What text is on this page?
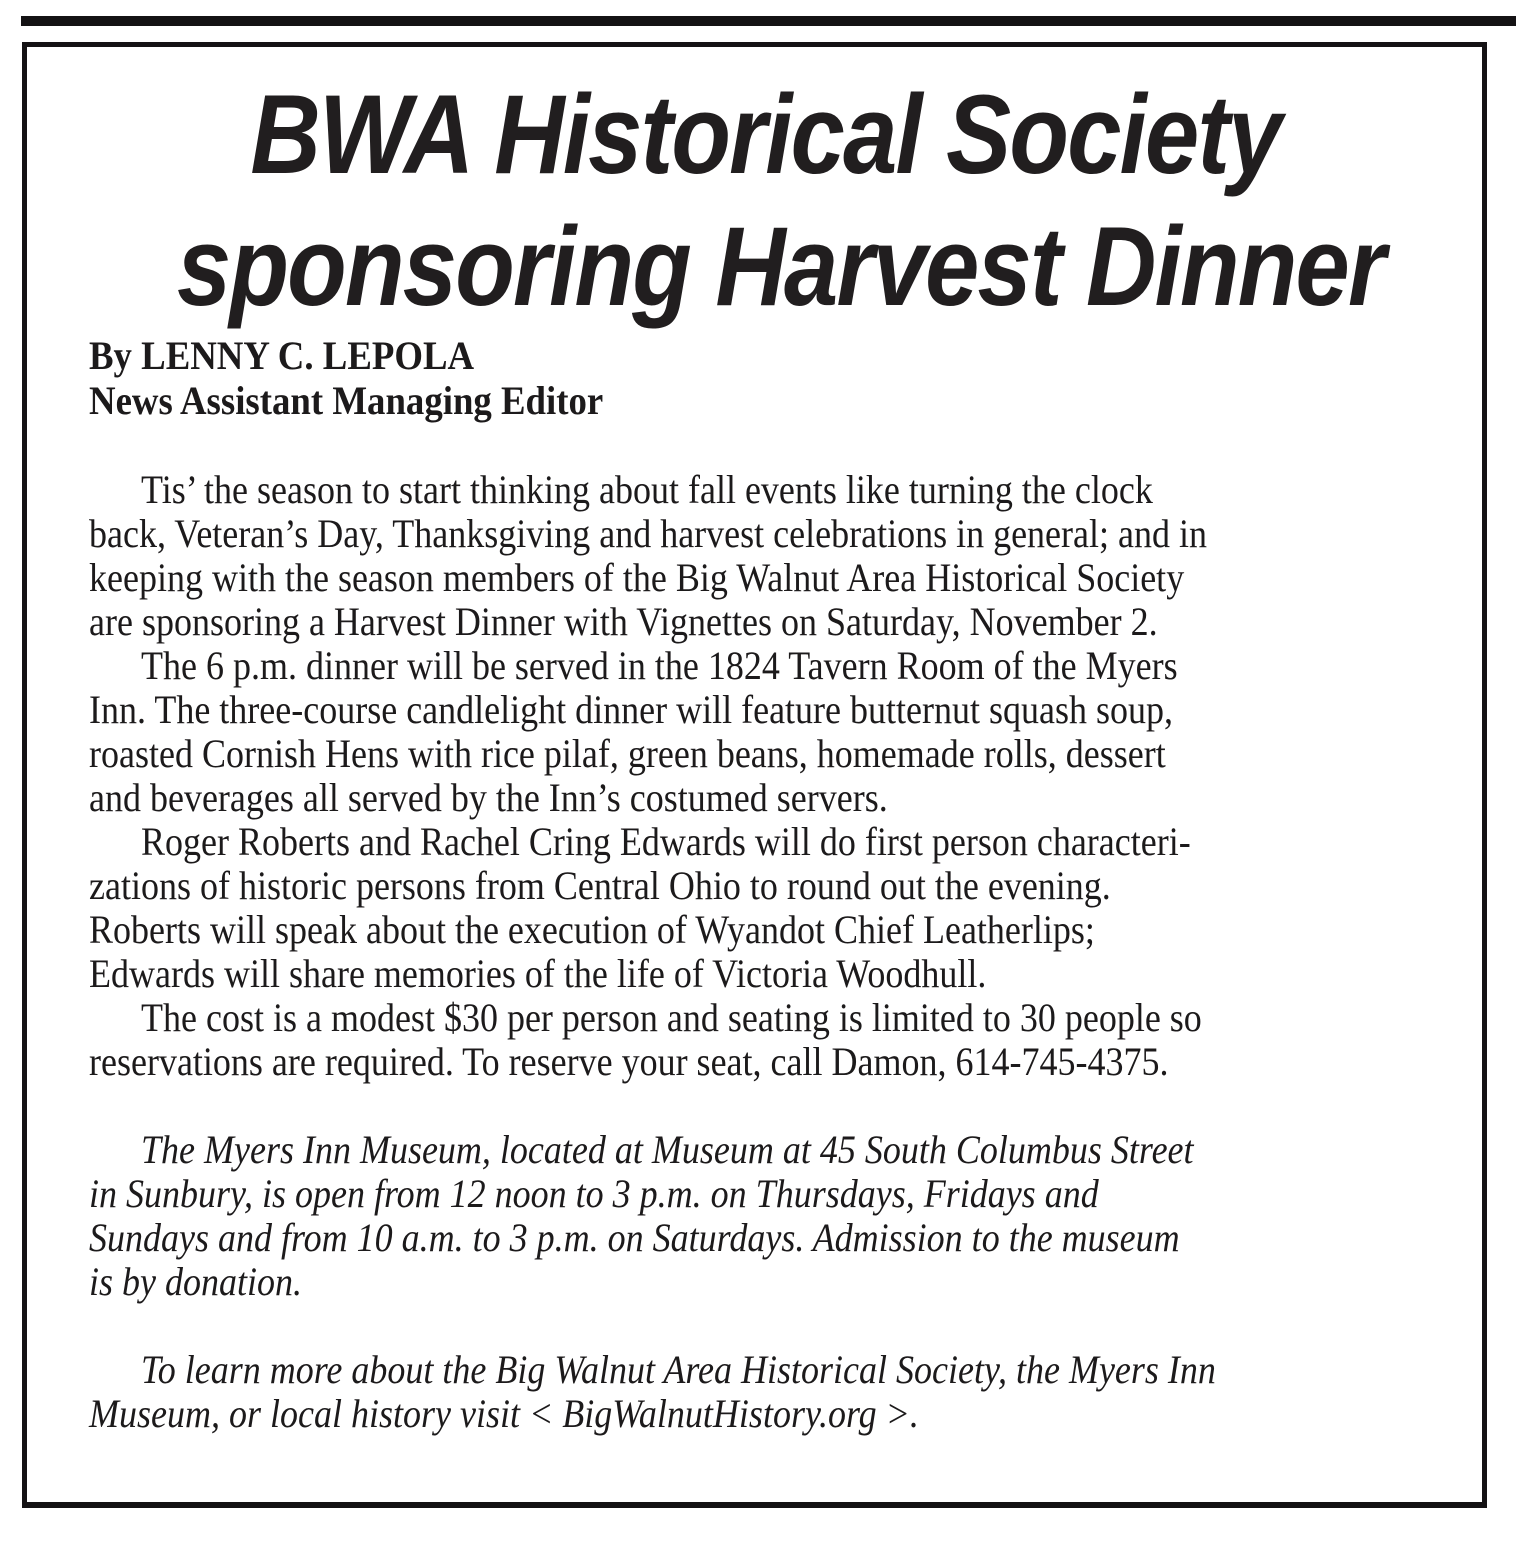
BWA Historical Society
sponsoring Harvest Dinner
By LENNY C. LEPOLA
News Assistant Managing Editor
Tis’ the season to start thinking about fall events like turning the clock
back, Veteran’s Day, Thanksgiving and harvest celebrations in general; and in
keeping with the season members of the Big Walnut Area Historical Society
are sponsoring a Harvest Dinner with Vignettes on Saturday, November 2.
The 6 p.m. dinner will be served in the 1824 Tavern Room of the Myers
Inn. The three-course candlelight dinner will feature butternut squash soup,
roasted Cornish Hens with rice pilaf, green beans, homemade rolls, dessert
and beverages all served by the Inn’s costumed servers.
Roger Roberts and Rachel Cring Edwards will do first person characteri-
zations of historic persons from Central Ohio to round out the evening.
Roberts will speak about the execution of Wyandot Chief Leatherlips;
Edwards will share memories of the life of Victoria Woodhull.
The cost is a modest $30 per person and seating is limited to 30 people so
reservations are required. To reserve your seat, call Damon, 614-745-4375.
The Myers Inn Museum, located at Museum at 45 South Columbus Street
in Sunbury, is open from 12 noon to 3 p.m. on Thursdays, Fridays and
Sundays and from 10 a.m. to 3 p.m. on Saturdays. Admission to the museum
is by donation.
To learn more about the Big Walnut Area Historical Society, the Myers Inn
Museum, or local history visit < BigWalnutHistory.org >.
